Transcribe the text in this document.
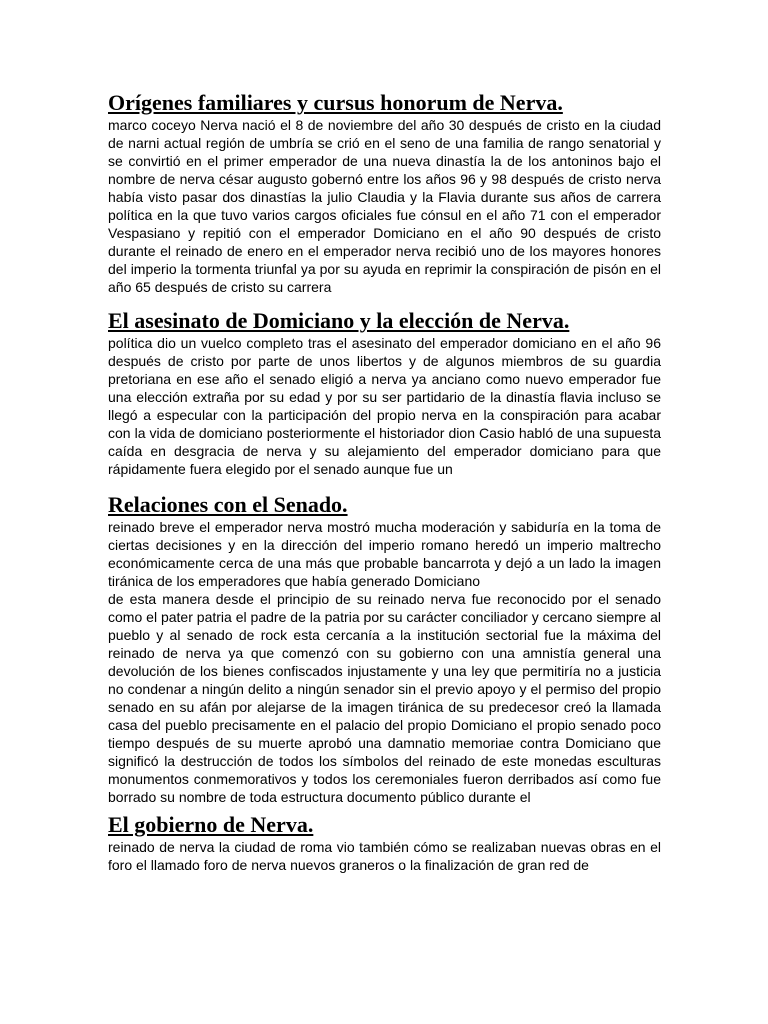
Orígenes familiares y cursus honorum de Nerva.

marco coceyo Nerva nació el 8 de noviembre del año 30 después de cristo en la ciudad de narni actual región de umbría se crió en el seno de una familia de rango senatorial y se convirtió en el primer emperador de una nueva dinastía la de los antoninos bajo el nombre de nerva césar augusto gobernó entre los años 96 y 98 después de cristo nerva había visto pasar dos dinastías la julio Claudia y la Flavia durante sus años de carrera política en la que tuvo varios cargos oficiales fue cónsul en el año 71 con el emperador Vespasiano y repitió con el emperador Domiciano en el año 90 después de cristo durante el reinado de enero en el emperador nerva recibió uno de los mayores honores del imperio la tormenta triunfal ya por su ayuda en reprimir la conspiración de pisón en el año 65 después de cristo su carrera

El asesinato de Domiciano y la elección de Nerva.

política dio un vuelco completo tras el asesinato del emperador domiciano en el año 96 después de cristo por parte de unos libertos y de algunos miembros de su guardia pretoriana en ese año el senado eligió a nerva ya anciano como nuevo emperador fue una elección extraña por su edad y por su ser partidario de la dinastía flavia incluso se llegó a especular con la participación del propio nerva en la conspiración para acabar con la vida de domiciano posteriormente el historiador dion Casio habló de una supuesta caída en desgracia de nerva y su alejamiento del emperador domiciano para que rápidamente fuera elegido por el senado aunque fue un

Relaciones con el Senado.

reinado breve el emperador nerva mostró mucha moderación y sabiduría en la toma de ciertas decisiones y en la dirección del imperio romano heredó un imperio maltrecho económicamente cerca de una más que probable bancarrota y dejó a un lado la imagen tiránica de los emperadores que había generado Domiciano

de esta manera desde el principio de su reinado nerva fue reconocido por el senado como el pater patria el padre de la patria por su carácter conciliador y cercano siempre al pueblo y al senado de rock esta cercanía a la institución sectorial fue la máxima del reinado de nerva ya que comenzó con su gobierno con una amnistía general una devolución de los bienes confiscados injustamente y una ley que permitiría no a justicia no condenar a ningún delito a ningún senador sin el previo apoyo y el permiso del propio senado en su afán por alejarse de la imagen tiránica de su predecesor creó la llamada casa del pueblo precisamente en el palacio del propio Domiciano el propio senado poco tiempo después de su muerte aprobó una damnatio memoriae contra Domiciano que significó la destrucción de todos los símbolos del reinado de este monedas esculturas monumentos conmemorativos y todos los ceremoniales fueron derribados así como fue borrado su nombre de toda estructura documento público durante el

El gobierno de Nerva.

reinado de nerva la ciudad de roma vio también cómo se realizaban nuevas obras en el foro el llamado foro de nerva nuevos graneros o la finalización de gran red de
